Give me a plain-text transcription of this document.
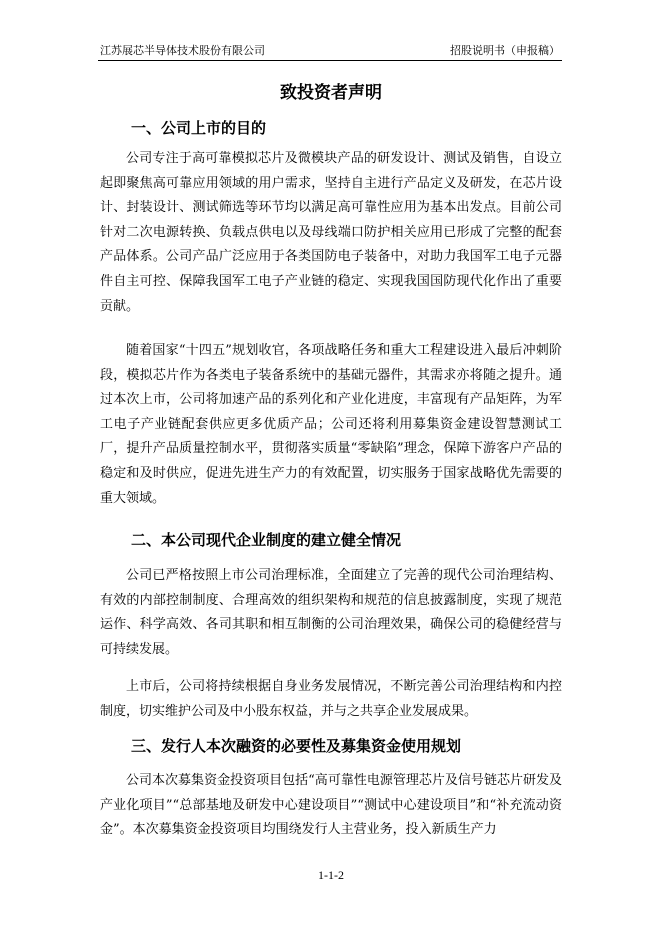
江苏展芯半导体技术股份有限公司	招股说明书（申报稿）
致投资者声明
一、公司上市的目的

公司专注于高可靠模拟芯片及微模块产品的研发设计、测试及销售，自设立起即聚焦高可靠应用领域的用户需求，坚持自主进行产品定义及研发，在芯片设计、封装设计、测试筛选等环节均以满足高可靠性应用为基本出发点。目前公司针对二次电源转换、负载点供电以及母线端口防护相关应用已形成了完整的配套产品体系。公司产品广泛应用于各类国防电子装备中，对助力我国军工电子元器件自主可控、保障我国军工电子产业链的稳定、实现我国国防现代化作出了重要贡献。

随着国家“十四五”规划收官，各项战略任务和重大工程建设进入最后冲刺阶段，模拟芯片作为各类电子装备系统中的基础元器件，其需求亦将随之提升。通过本次上市，公司将加速产品的系列化和产业化进度，丰富现有产品矩阵，为军工电子产业链配套供应更多优质产品；公司还将利用募集资金建设智慧测试工厂，提升产品质量控制水平，贯彻落实质量“零缺陷”理念，保障下游客户产品的稳定和及时供应，促进先进生产力的有效配置，切实服务于国家战略优先需要的重大领域。

二、本公司现代企业制度的建立健全情况

公司已严格按照上市公司治理标准，全面建立了完善的现代公司治理结构、有效的内部控制制度、合理高效的组织架构和规范的信息披露制度，实现了规范运作、科学高效、各司其职和相互制衡的公司治理效果，确保公司的稳健经营与可持续发展。

上市后，公司将持续根据自身业务发展情况，不断完善公司治理结构和内控制度，切实维护公司及中小股东权益，并与之共享企业发展成果。

三、发行人本次融资的必要性及募集资金使用规划

公司本次募集资金投资项目包括“高可靠性电源管理芯片及信号链芯片研发及产业化项目”“总部基地及研发中心建设项目”“测试中心建设项目”和“补充流动资金”。本次募集资金投资项目均围绕发行人主营业务，投入新质生产力

1-1-2
